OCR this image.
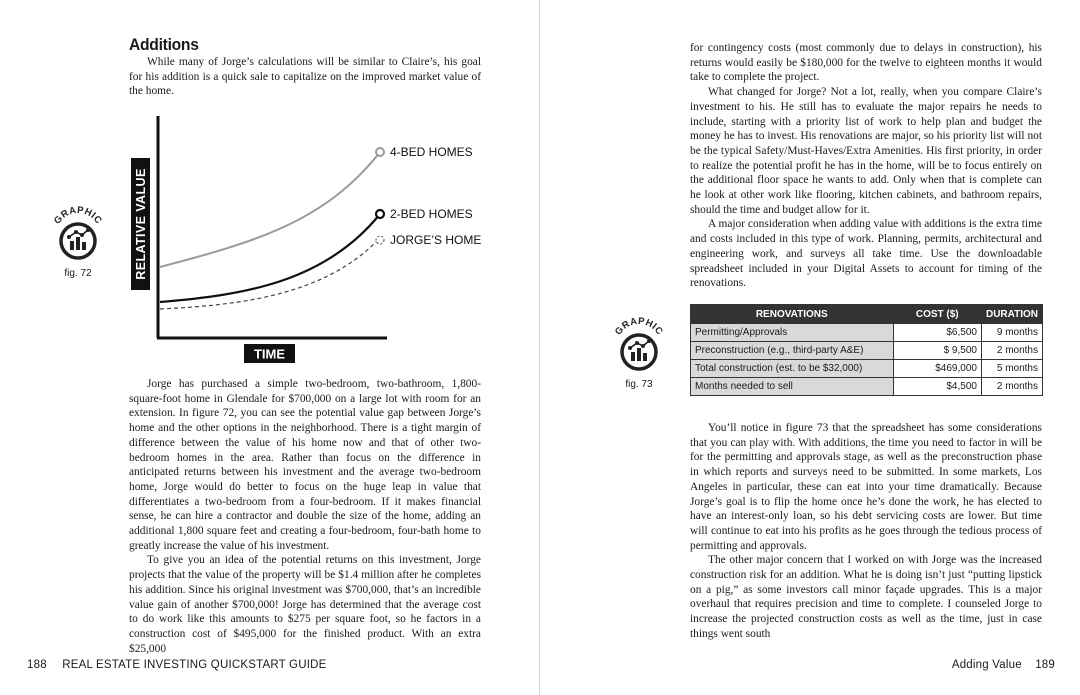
Additions

While many of Jorge’s calculations will be similar to Claire’s, his goal for his addition is a quick sale to capitalize on the improved market value of the home.

GRAPHIC
fig. 72	RELATIVE VALUE
TIME
4-BED HOMES
2-BED HOMES
JORGE’S HOME

Jorge has purchased a simple two-bedroom, two-bathroom, 1,800-square-foot home in Glendale for $700,000 on a large lot with room for an extension. In figure 72, you can see the potential value gap between Jorge’s home and the other options in the neighborhood. There is a tight margin of difference between the value of his home now and that of other two-bedroom homes in the area. Rather than focus on the difference in anticipated returns between his investment and the average two-bedroom home, Jorge would do better to focus on the huge leap in value that differentiates a two-bedroom from a four-bedroom. If it makes financial sense, he can hire a contractor and double the size of the home, adding an additional 1,800 square feet and creating a four-bedroom, four-bath home to greatly increase the value of his investment.

To give you an idea of the potential returns on this investment, Jorge projects that the value of the property will be $1.4 million after he completes his addition. Since his original investment was $700,000, that’s an incredible value gain of another $700,000! Jorge has determined that the average cost to do work like this amounts to $275 per square foot, so he factors in a construction cost of $495,000 for the finished product. With an extra $25,000

188 REAL ESTATE INVESTING QUICKSTART GUIDE

for contingency costs (most commonly due to delays in construction), his returns would easily be $180,000 for the twelve to eighteen months it would take to complete the project.

What changed for Jorge? Not a lot, really, when you compare Claire’s investment to his. He still has to evaluate the major repairs he needs to include, starting with a priority list of work to help plan and budget the money he has to invest. His renovations are major, so his priority list will not be the typical Safety/Must-Haves/Extra Amenities. His first priority, in order to realize the potential profit he has in the home, will be to focus entirely on the additional floor space he wants to add. Only when that is complete can he look at other work like flooring, kitchen cabinets, and bathroom repairs, should the time and budget allow for it.

A major consideration when adding value with additions is the extra time and costs included in this type of work. Planning, permits, architectural and engineering work, and surveys all take time. Use the downloadable spreadsheet included in your Digital Assets to account for timing of the renovations.

GRAPHIC
fig. 73
RENOVATIONS	COST ($)	DURATION
Permitting/Approvals	$6,500	9 months
Preconstruction (e.g., third-party A&E)	$ 9,500	2 months
Total construction (est. to be $32,000)	$469,000	5 months
Months needed to sell	$4,500	2 months

You’ll notice in figure 73 that the spreadsheet has some considerations that you can play with. With additions, the time you need to factor in will be for the permitting and approvals stage, as well as the preconstruction phase in which reports and surveys need to be submitted. In some markets, Los Angeles in particular, these can eat into your time dramatically. Because Jorge’s goal is to flip the home once he’s done the work, he has elected to have an interest-only loan, so his debt servicing costs are lower. But time will continue to eat into his profits as he goes through the tedious process of permitting and approvals.

The other major concern that I worked on with Jorge was the increased construction risk for an addition. What he is doing isn’t just “putting lipstick on a pig,” as some investors call minor façade upgrades. This is a major overhaul that requires precision and time to complete. I counseled Jorge to increase the projected construction costs as well as the time, just in case things went south

Adding Value 189
